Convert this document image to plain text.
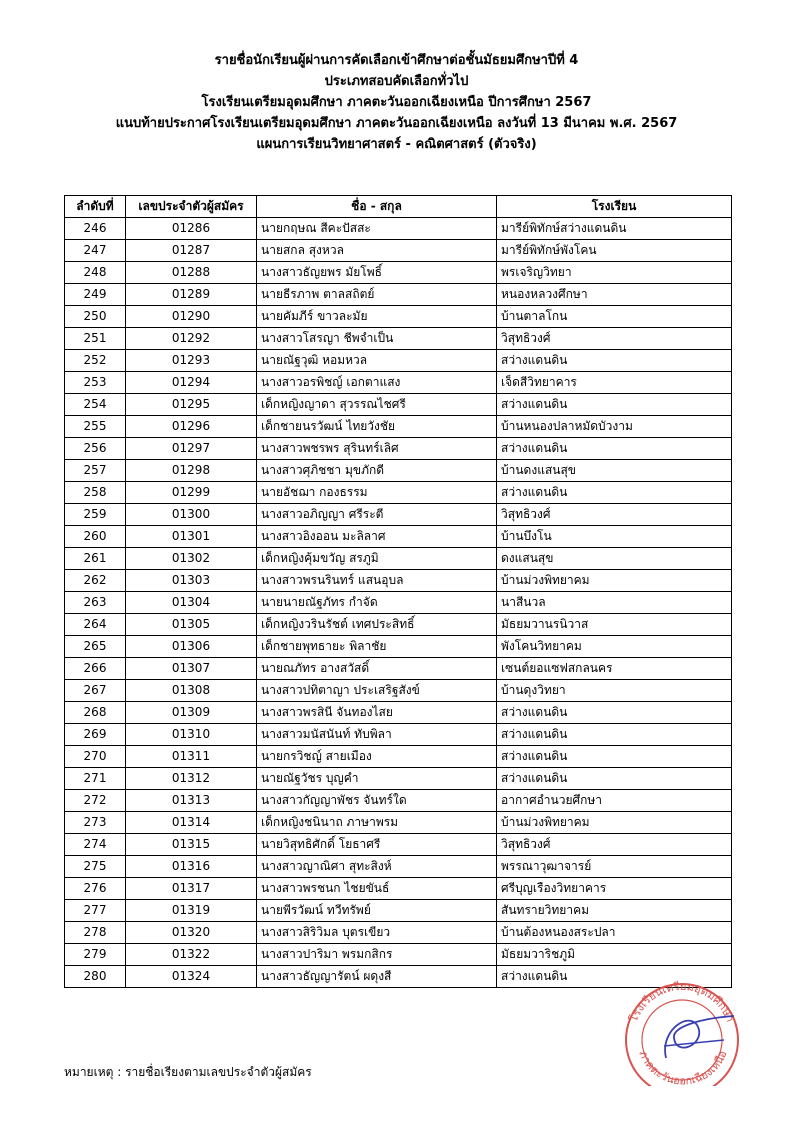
รายชื่อนักเรียนผู้ผ่านการคัดเลือกเข้าศึกษาต่อชั้นมัธยมศึกษาปีที่ 4
ประเภทสอบคัดเลือกทั่วไป
โรงเรียนเตรียมอุดมศึกษา ภาคตะวันออกเฉียงเหนือ ปีการศึกษา 2567
แนบท้ายประกาศโรงเรียนเตรียมอุดมศึกษา ภาคตะวันออกเฉียงเหนือ ลงวันที่ 13 มีนาคม พ.ศ. 2567
แผนการเรียนวิทยาศาสตร์ - คณิตศาสตร์ (ตัวจริง)
ลำดับที่	เลขประจำตัวผู้สมัคร	ชื่อ - สกุล	โรงเรียน
246	01286	นายกฤษณ สีคะปัสสะ	มารีย์พิทักษ์สว่างแดนดิน
247	01287	นายสกล สุงหวล	มารีย์พิทักษ์พังโคน
248	01288	นางสาวธัญยพร มัยโพธิ์	พรเจริญวิทยา
249	01289	นายธีรภาพ ตาลสถิตย์	หนองหลวงศึกษา
250	01290	นายคัมภีร์ ขาวละมัย	บ้านตาลโกน
251	01292	นางสาวโสรญา ชีพจำเป็น	วิสุทธิวงศ์
252	01293	นายณัฐวุฒิ หอมหวล	สว่างแดนดิน
253	01294	นางสาวอรพิชญ์ เอกตาแสง	เจ็ดสีวิทยาคาร
254	01295	เด็กหญิงญาดา สุวรรณไชศรี	สว่างแดนดิน
255	01296	เด็กชายนรวัฒน์ ไทยวังชัย	บ้านหนองปลาหมัดบัวงาม
256	01297	นางสาวพชรพร สุรินทร์เลิศ	สว่างแดนดิน
257	01298	นางสาวศุภิชชา มุขภักดี	บ้านดงแสนสุข
258	01299	นายอัชฌา กองธรรม	สว่างแดนดิน
259	01300	นางสาวอภิญญา ศรีระตี	วิสุทธิวงศ์
260	01301	นางสาวอิงออน มะลิลาศ	บ้านบึงโน
261	01302	เด็กหญิงคุ้มขวัญ สรภูมิ	ดงแสนสุข
262	01303	นางสาวพรนรินทร์ แสนอุบล	บ้านม่วงพิทยาคม
263	01304	นายนายณัฐภัทร กำจัด	นาสีนวล
264	01305	เด็กหญิงวรินรัชต์ เทศประสิทธิ์	มัธยมวานรนิวาส
265	01306	เด็กชายพุทธายะ พิลาชัย	พังโคนวิทยาคม
266	01307	นายณภัทร อางสวัสดิ์	เซนต์ยอแซฟสกลนคร
267	01308	นางสาวปทิตาญา ประเสริฐสังข์	บ้านดุงวิทยา
268	01309	นางสาวพรสินี จันทองไสย	สว่างแดนดิน
269	01310	นางสาวมนัสนันท์ ทับพิลา	สว่างแดนดิน
270	01311	นายกรวิชญ์ สายเมือง	สว่างแดนดิน
271	01312	นายณัฐวัชร บุญคำ	สว่างแดนดิน
272	01313	นางสาวกัญญาพัชร จันทร์ใด	อากาศอำนวยศึกษา
273	01314	เด็กหญิงชนินาถ ภาษาพรม	บ้านม่วงพิทยาคม
274	01315	นายวิสุทธิศักดิ์ โยธาศรี	วิสุทธิวงศ์
275	01316	นางสาวญาณิศา สุทะสิงห์	พรรณาวุฒาจารย์
276	01317	นางสาวพรชนก ไชยขันธ์	ศรีบุญเรืองวิทยาคาร
277	01319	นายพีรวัฒน์ ทวีทรัพย์	สันทรายวิทยาคม
278	01320	นางสาวสิริวิมล บุตรเขียว	บ้านต้องหนองสระปลา
279	01322	นางสาวปาริมา พรมกสิกร	มัธยมวาริชภูมิ
280	01324	นางสาวธัญญารัตน์ ผดุงสี	สว่างแดนดิน
หมายเหตุ : รายชื่อเรียงตามเลขประจำตัวผู้สมัคร
โรงเรียนเตรียมอุดมศึกษา
ภาคตะวันออกเฉียงเหนือ
